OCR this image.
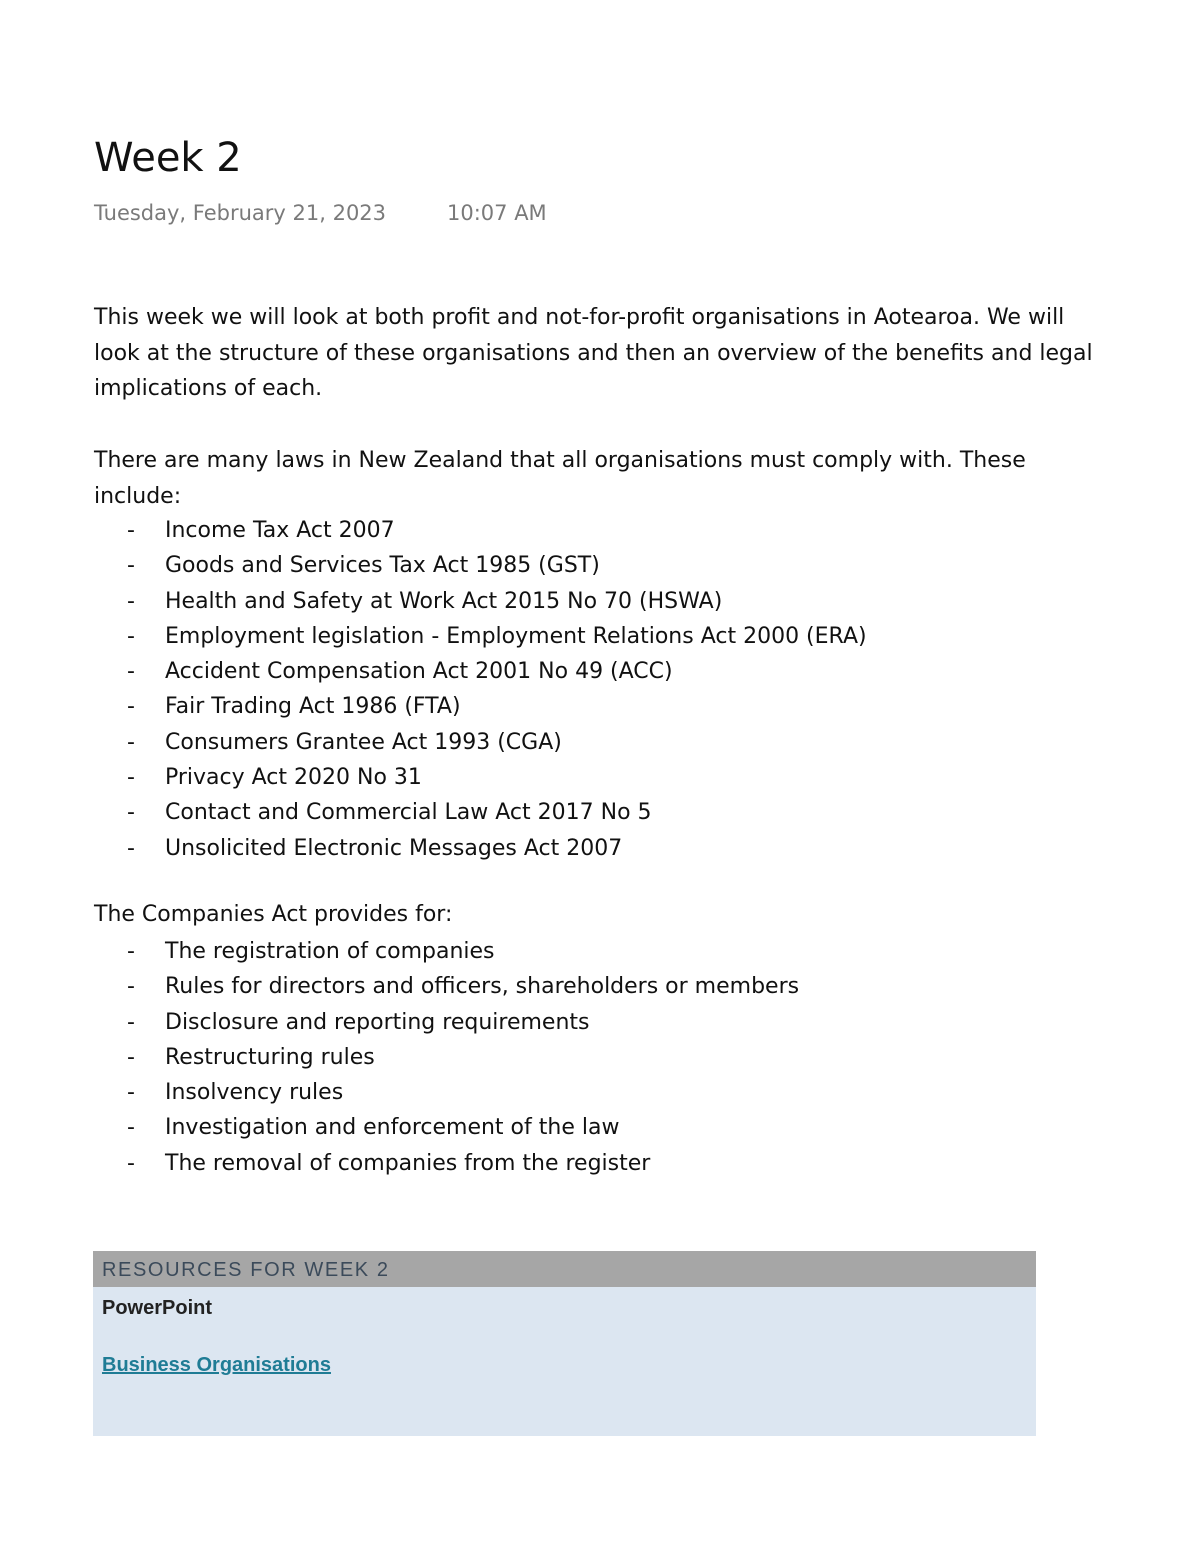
Week 2
Tuesday, February 21, 2023	10:07 AM

This week we will look at both profit and not-for-profit organisations in Aotearoa. We will look at the structure of these organisations and then an overview of the benefits and legal implications of each.

There are many laws in New Zealand that all organisations must comply with. These include:

- Income Tax Act 2007
- Goods and Services Tax Act 1985 (GST)
- Health and Safety at Work Act 2015 No 70 (HSWA)
- Employment legislation - Employment Relations Act 2000 (ERA)
- Accident Compensation Act 2001 No 49 (ACC)
- Fair Trading Act 1986 (FTA)
- Consumers Grantee Act 1993 (CGA)
- Privacy Act 2020 No 31
- Contact and Commercial Law Act 2017 No 5
- Unsolicited Electronic Messages Act 2007

The Companies Act provides for:

- The registration of companies
- Rules for directors and officers, shareholders or members
- Disclosure and reporting requirements
- Restructuring rules
- Insolvency rules
- Investigation and enforcement of the law
- The removal of companies from the register
RESOURCES FOR WEEK 2
PowerPoint
Business Organisations
